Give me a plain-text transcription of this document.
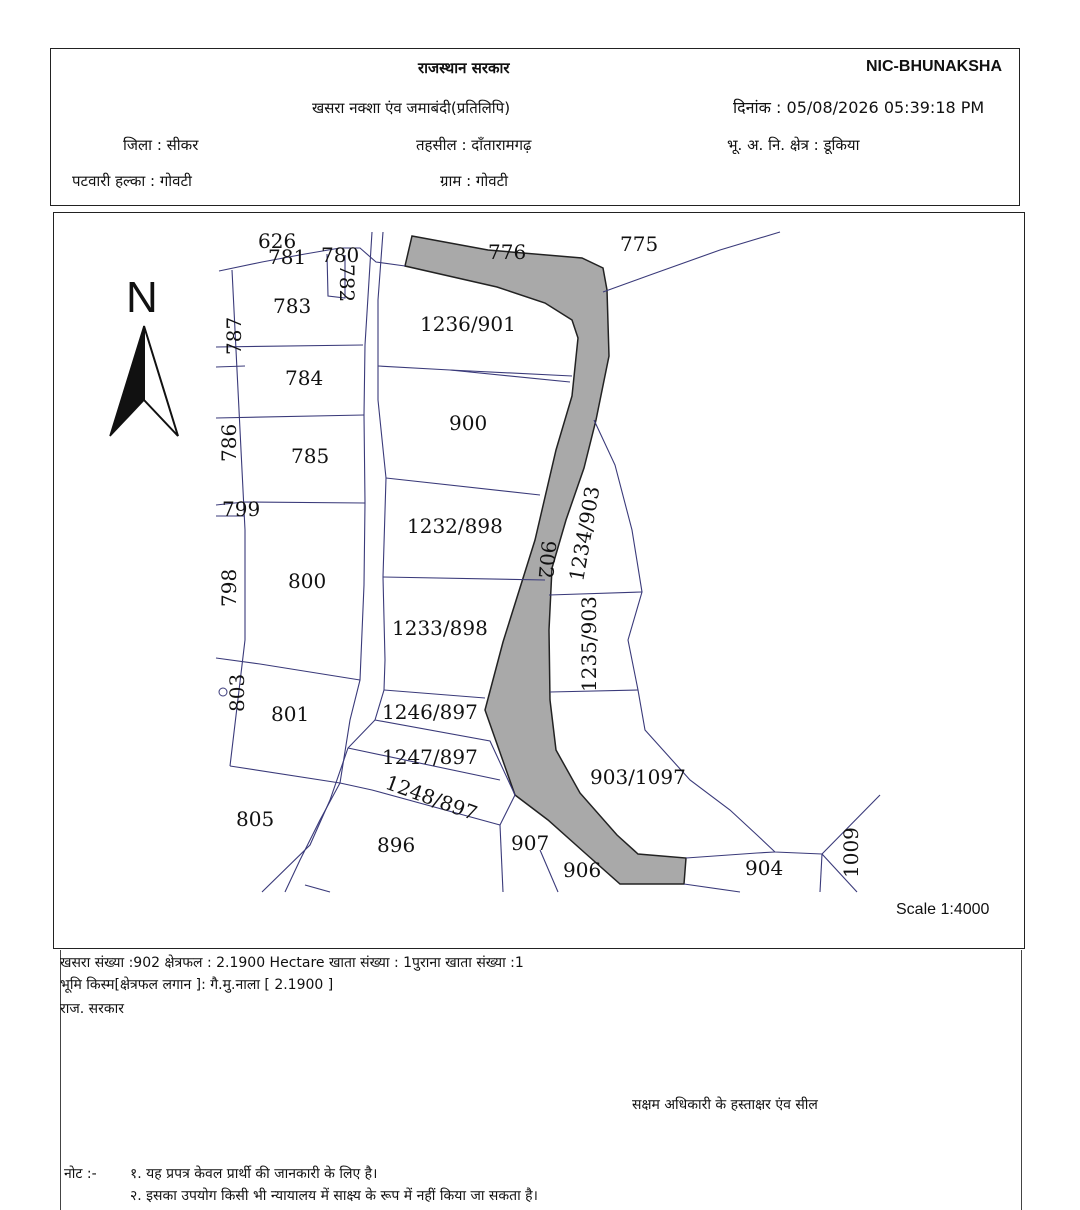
राजस्थान सरकार	NIC-BHUNAKSHA
खसरा नक्शा एंव जमाबंदी(प्रतिलिपि)	दिनांक : 05/08/2026 05:39:18 PM
जिला : सीकर	तहसील : दाँतारामगढ़	भू. अ. नि. क्षेत्र : डूकिया
पटवारी हल्का : गोवटी	ग्राम : गोवटी
626
781 780
782
776	775
783
787	1236/901
784
900
786	785
799
1232/898	1234/903
902
798 800
1233/898	1235/903
803
801	1246/897
1247/897
1248/897	903/1097
805
896	907
906	904	1009
N
Scale 1:4000
खसरा संख्या :902 क्षेत्रफल : 2.1900 Hectare खाता संख्या : 1पुराना खाता संख्या :1
भूमि किस्म[क्षेत्रफल लगान ]: गै.मु.नाला [ 2.1900 ]
राज. सरकार
सक्षम अधिकारी के हस्ताक्षर एंव सील
नोट :- १. यह प्रपत्र केवल प्रार्थी की जानकारी के लिए है।
२. इसका उपयोग किसी भी न्यायालय में साक्ष्य के रूप में नहीं किया जा सकता है।
